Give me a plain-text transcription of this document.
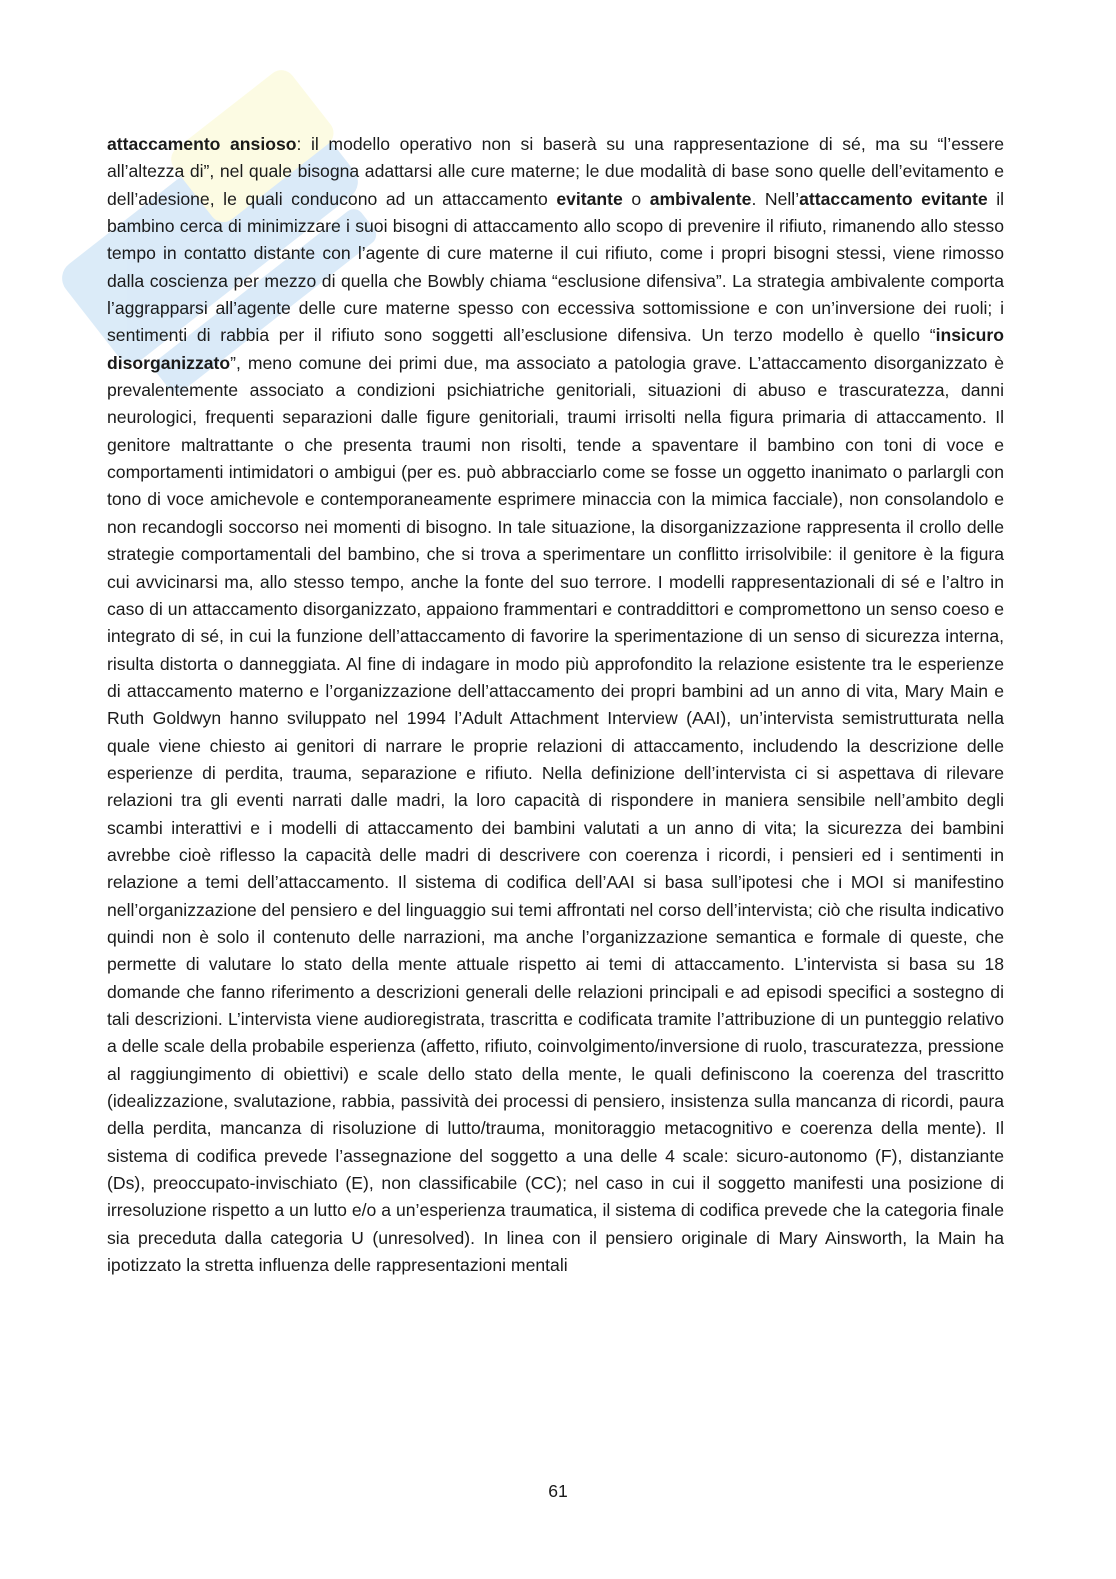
attaccamento ansioso: il modello operativo non si baserà su una rappresentazione di sé, ma su “l’essere all’altezza di”, nel quale bisogna adattarsi alle cure materne; le due modalità di base sono quelle dell’evitamento e dell’adesione, le quali conducono ad un attaccamento evitante o ambivalente. Nell’attaccamento evitante il bambino cerca di minimizzare i suoi bisogni di attaccamento allo scopo di prevenire il rifiuto, rimanendo allo stesso tempo in contatto distante con l’agente di cure materne il cui rifiuto, come i propri bisogni stessi, viene rimosso dalla coscienza per mezzo di quella che Bowbly chiama “esclusione difensiva”. La strategia ambivalente comporta l’aggrapparsi all’agente delle cure materne spesso con eccessiva sottomissione e con un’inversione dei ruoli; i sentimenti di rabbia per il rifiuto sono soggetti all’esclusione difensiva. Un terzo modello è quello “insicuro disorganizzato”, meno comune dei primi due, ma associato a patologia grave. L’attaccamento disorganizzato è prevalentemente associato a condizioni psichiatriche genitoriali, situazioni di abuso e trascuratezza, danni neurologici, frequenti separazioni dalle figure genitoriali, traumi irrisolti nella figura primaria di attaccamento. Il genitore maltrattante o che presenta traumi non risolti, tende a spaventare il bambino con toni di voce e comportamenti intimidatori o ambigui (per es. può abbracciarlo come se fosse un oggetto inanimato o parlargli con tono di voce amichevole e contemporaneamente esprimere minaccia con la mimica facciale), non consolandolo e non recandogli soccorso nei momenti di bisogno. In tale situazione, la disorganizzazione rappresenta il crollo delle strategie comportamentali del bambino, che si trova a sperimentare un conflitto irrisolvibile: il genitore è la figura cui avvicinarsi ma, allo stesso tempo, anche la fonte del suo terrore. I modelli rappresentazionali di sé e l’altro in caso di un attaccamento disorganizzato, appaiono frammentari e contraddittori e compromettono un senso coeso e integrato di sé, in cui la funzione dell’attaccamento di favorire la sperimentazione di un senso di sicurezza interna, risulta distorta o danneggiata. Al fine di indagare in modo più approfondito la relazione esistente tra le esperienze di attaccamento materno e l’organizzazione dell’attaccamento dei propri bambini ad un anno di vita, Mary Main e Ruth Goldwyn hanno sviluppato nel 1994 l’Adult Attachment Interview (AAI), un’intervista semistrutturata nella quale viene chiesto ai genitori di narrare le proprie relazioni di attaccamento, includendo la descrizione delle esperienze di perdita, trauma, separazione e rifiuto. Nella definizione dell’intervista ci si aspettava di rilevare relazioni tra gli eventi narrati dalle madri, la loro capacità di rispondere in maniera sensibile nell’ambito degli scambi interattivi e i modelli di attaccamento dei bambini valutati a un anno di vita; la sicurezza dei bambini avrebbe cioè riflesso la capacità delle madri di descrivere con coerenza i ricordi, i pensieri ed i sentimenti in relazione a temi dell’attaccamento. Il sistema di codifica dell’AAI si basa sull’ipotesi che i MOI si manifestino nell’organizzazione del pensiero e del linguaggio sui temi affrontati nel corso dell’intervista; ciò che risulta indicativo quindi non è solo il contenuto delle narrazioni, ma anche l’organizzazione semantica e formale di queste, che permette di valutare lo stato della mente attuale rispetto ai temi di attaccamento. L’intervista si basa su 18 domande che fanno riferimento a descrizioni generali delle relazioni principali e ad episodi specifici a sostegno di tali descrizioni. L’intervista viene audioregistrata, trascritta e codificata tramite l’attribuzione di un punteggio relativo a delle scale della probabile esperienza (affetto, rifiuto, coinvolgimento/inversione di ruolo, trascuratezza, pressione al raggiungimento di obiettivi) e scale dello stato della mente, le quali definiscono la coerenza del trascritto (idealizzazione, svalutazione, rabbia, passività dei processi di pensiero, insistenza sulla mancanza di ricordi, paura della perdita, mancanza di risoluzione di lutto/trauma, monitoraggio metacognitivo e coerenza della mente). Il sistema di codifica prevede l’assegnazione del soggetto a una delle 4 scale: sicuro-autonomo (F), distanziante (Ds), preoccupato-invischiato (E), non classificabile (CC); nel caso in cui il soggetto manifesti una posizione di irresoluzione rispetto a un lutto e/o a un’esperienza traumatica, il sistema di codifica prevede che la categoria finale sia preceduta dalla categoria U (unresolved). In linea con il pensiero originale di Mary Ainsworth, la Main ha ipotizzato la stretta influenza delle rappresentazioni mentali

61
